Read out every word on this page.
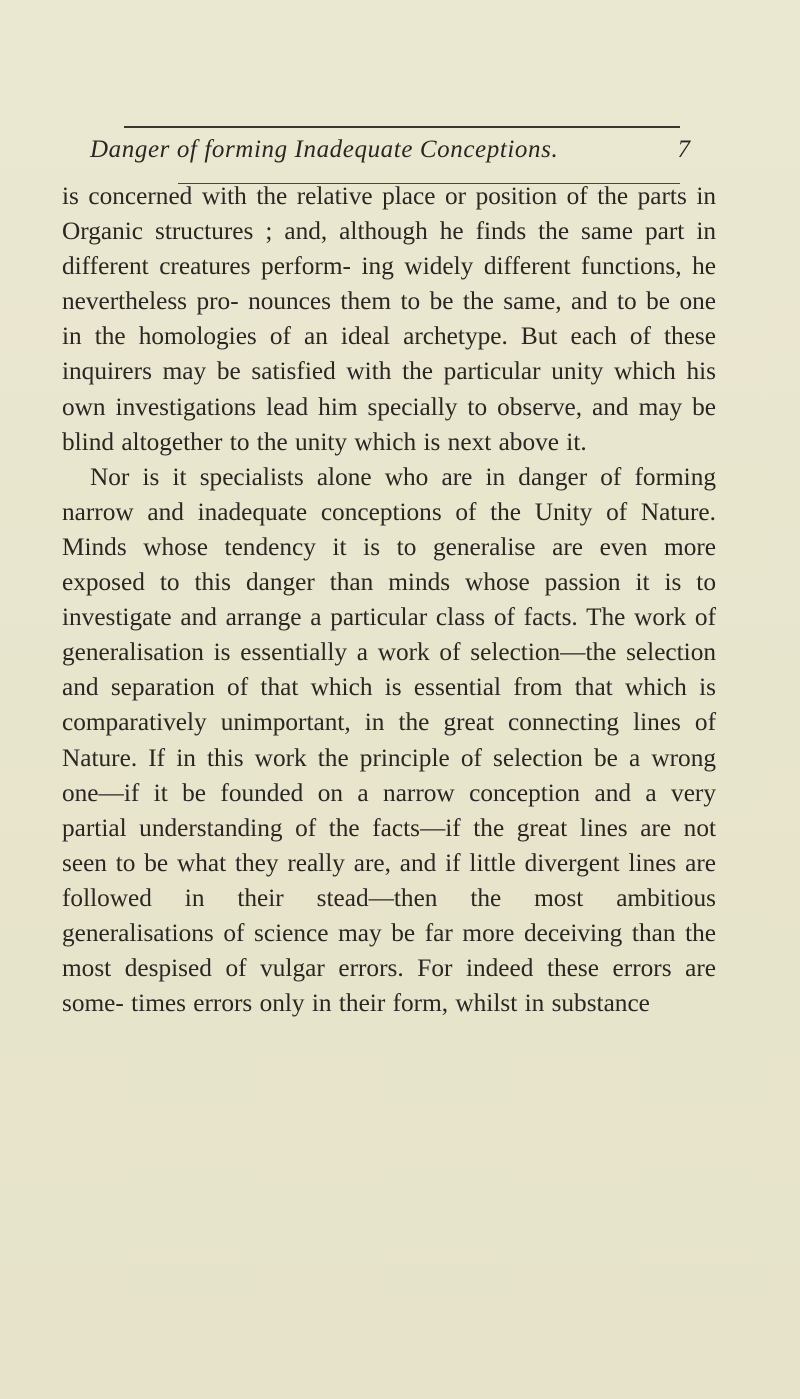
Danger of forming Inadequate Conceptions.	7

is concerned with the relative place or position of the parts in Organic structures ; and, although he finds the same part in different creatures perform- ing widely different functions, he nevertheless pro- nounces them to be the same, and to be one in the homologies of an ideal archetype. But each of these inquirers may be satisfied with the particular unity which his own investigations lead him specially to observe, and may be blind altogether to the unity which is next above it.

Nor is it specialists alone who are in danger of forming narrow and inadequate conceptions of the Unity of Nature. Minds whose tendency it is to generalise are even more exposed to this danger than minds whose passion it is to investigate and arrange a particular class of facts. The work of generalisation is essentially a work of selection—the selection and separation of that which is essential from that which is comparatively unimportant, in the great connecting lines of Nature. If in this work the principle of selection be a wrong one—if it be founded on a narrow conception and a very partial understanding of the facts—if the great lines are not seen to be what they really are, and if little divergent lines are followed in their stead—then the most ambitious generalisations of science may be far more deceiving than the most despised of vulgar errors. For indeed these errors are some- times errors only in their form, whilst in substance
